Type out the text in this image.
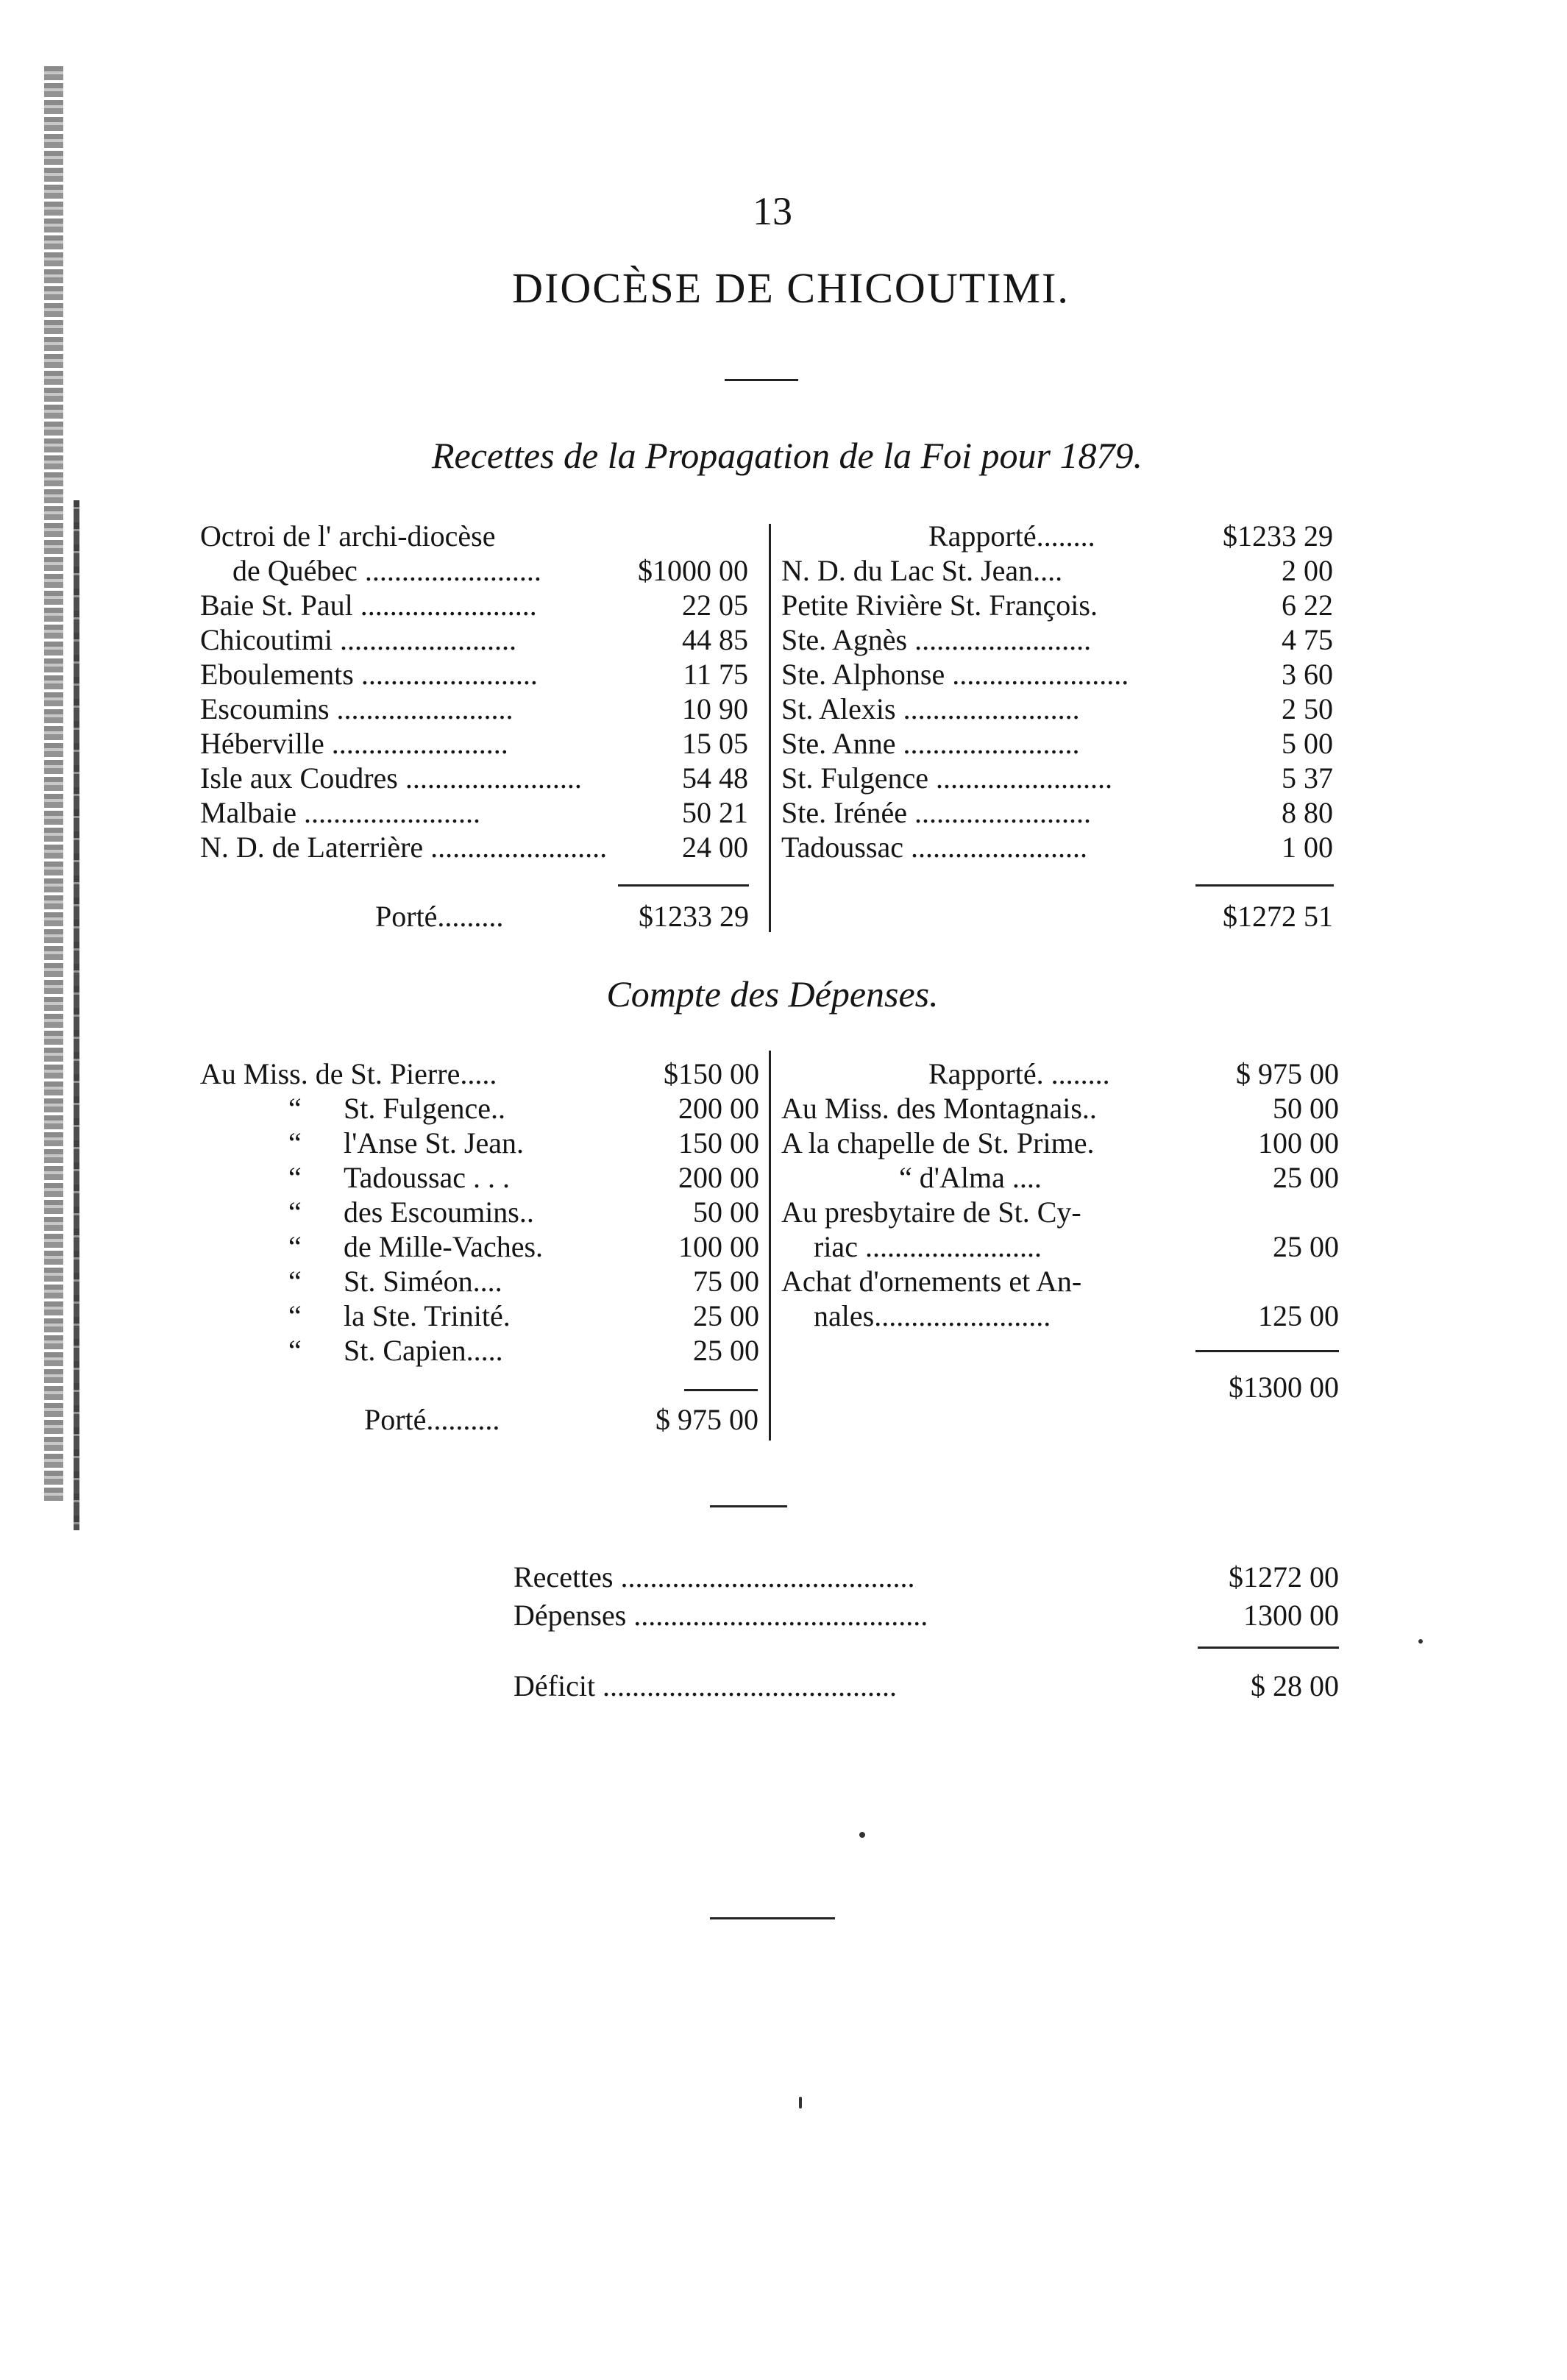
13
DIOCÈSE DE CHICOUTIMI.
Recettes de la Propagation de la Foi pour 1879.
Octroi de l' archi-diocèse
de Québec ........................	$1000 00
Baie St. Paul ........................	22 05
Chicoutimi ........................	44 85
Eboulements ........................	11 75
Escoumins ........................	10 90
Héberville ........................	15 05
Isle aux Coudres ........................	54 48
Malbaie ........................	50 21
N. D. de Laterrière ........................	24 00
Porté.........	$1233 29
Rapporté........	$1233 29
N. D. du Lac St. Jean....	2 00
Petite Rivière St. François.	6 22
Ste. Agnès ........................	4 75
Ste. Alphonse ........................	3 60
St. Alexis ........................	2 50
Ste. Anne ........................	5 00
St. Fulgence ........................	5 37
Ste. Irénée ........................	8 80
Tadoussac ........................	1 00
$1272 51
Compte des Dépenses.
Au Miss. de St. Pierre.....	$150 00
“ St. Fulgence..	200 00
“ l'Anse St. Jean.	150 00
“ Tadoussac . . .	200 00
“ des Escoumins..	50 00
“ de Mille-Vaches.	100 00
“ St. Siméon....	75 00
“ la Ste. Trinité.	25 00
“ St. Capien.....	25 00
Porté..........	$ 975 00
Rapporté. ........	$ 975 00
Au Miss. des Montagnais..	50 00
A la chapelle de St. Prime.	100 00
“ d'Alma ....	25 00
Au presbytaire de St. Cy-
riac ........................	25 00
Achat d'ornements et An-
nales........................	125 00
$1300 00
Recettes ........................................	$1272 00
Dépenses ........................................	1300 00
Déficit ........................................	$ 28 00
